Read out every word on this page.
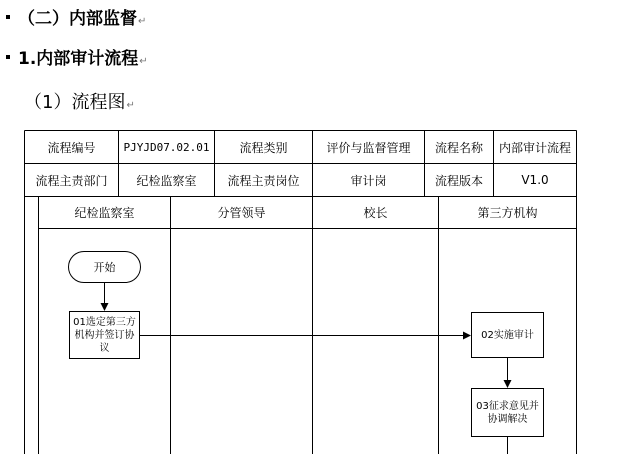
（二）内部监督↵
1.内部审计流程↵
（1）流程图↵
流程编号	PJYJD07.02.01	流程类别	评价与监督管理	流程名称	内部审计流程
流程主责部门	纪检监察室	流程主责岗位	审计岗	流程版本	V1.0
纪检监察室	分管领导	校长	第三方机构
开始
01选定第三方机构并签订协议
02实施审计
03征求意见并协调解决
